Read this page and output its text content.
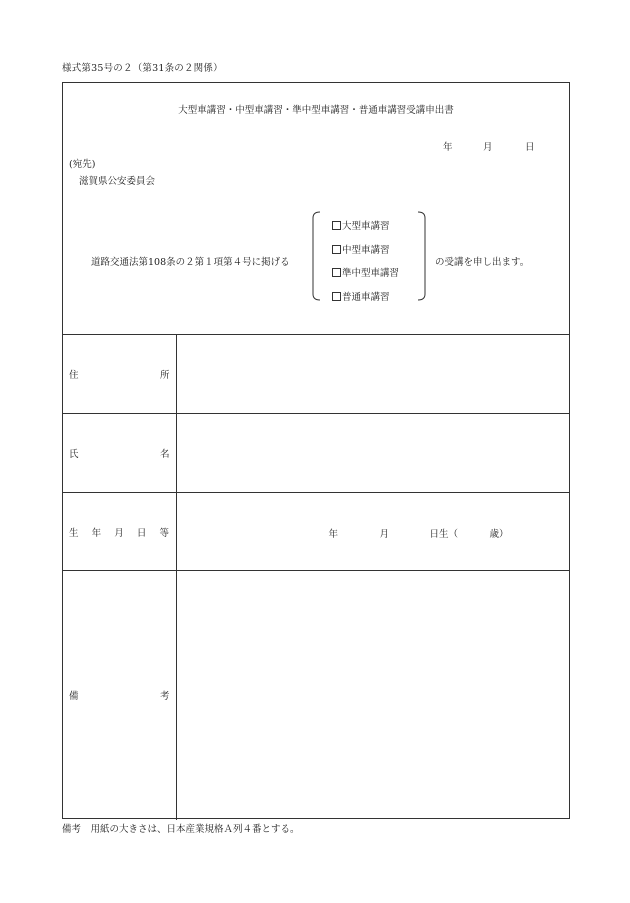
様式第35号の２（第31条の２関係）
大型車講習・中型車講習・準中型車講習・普通車講習受講申出書
年	月	日
(宛先)
滋賀県公安委員会
道路交通法第108条の２第１項第４号に掲げる
大型車講習
中型車講習
準中型車講習
普通車講習
の受講を申し出ます。
住 所	

氏 名	

生 年 月 日 等	年 月 日生（ 歳）

備 考	

備考　用紙の大きさは、日本産業規格Ａ列４番とする。
